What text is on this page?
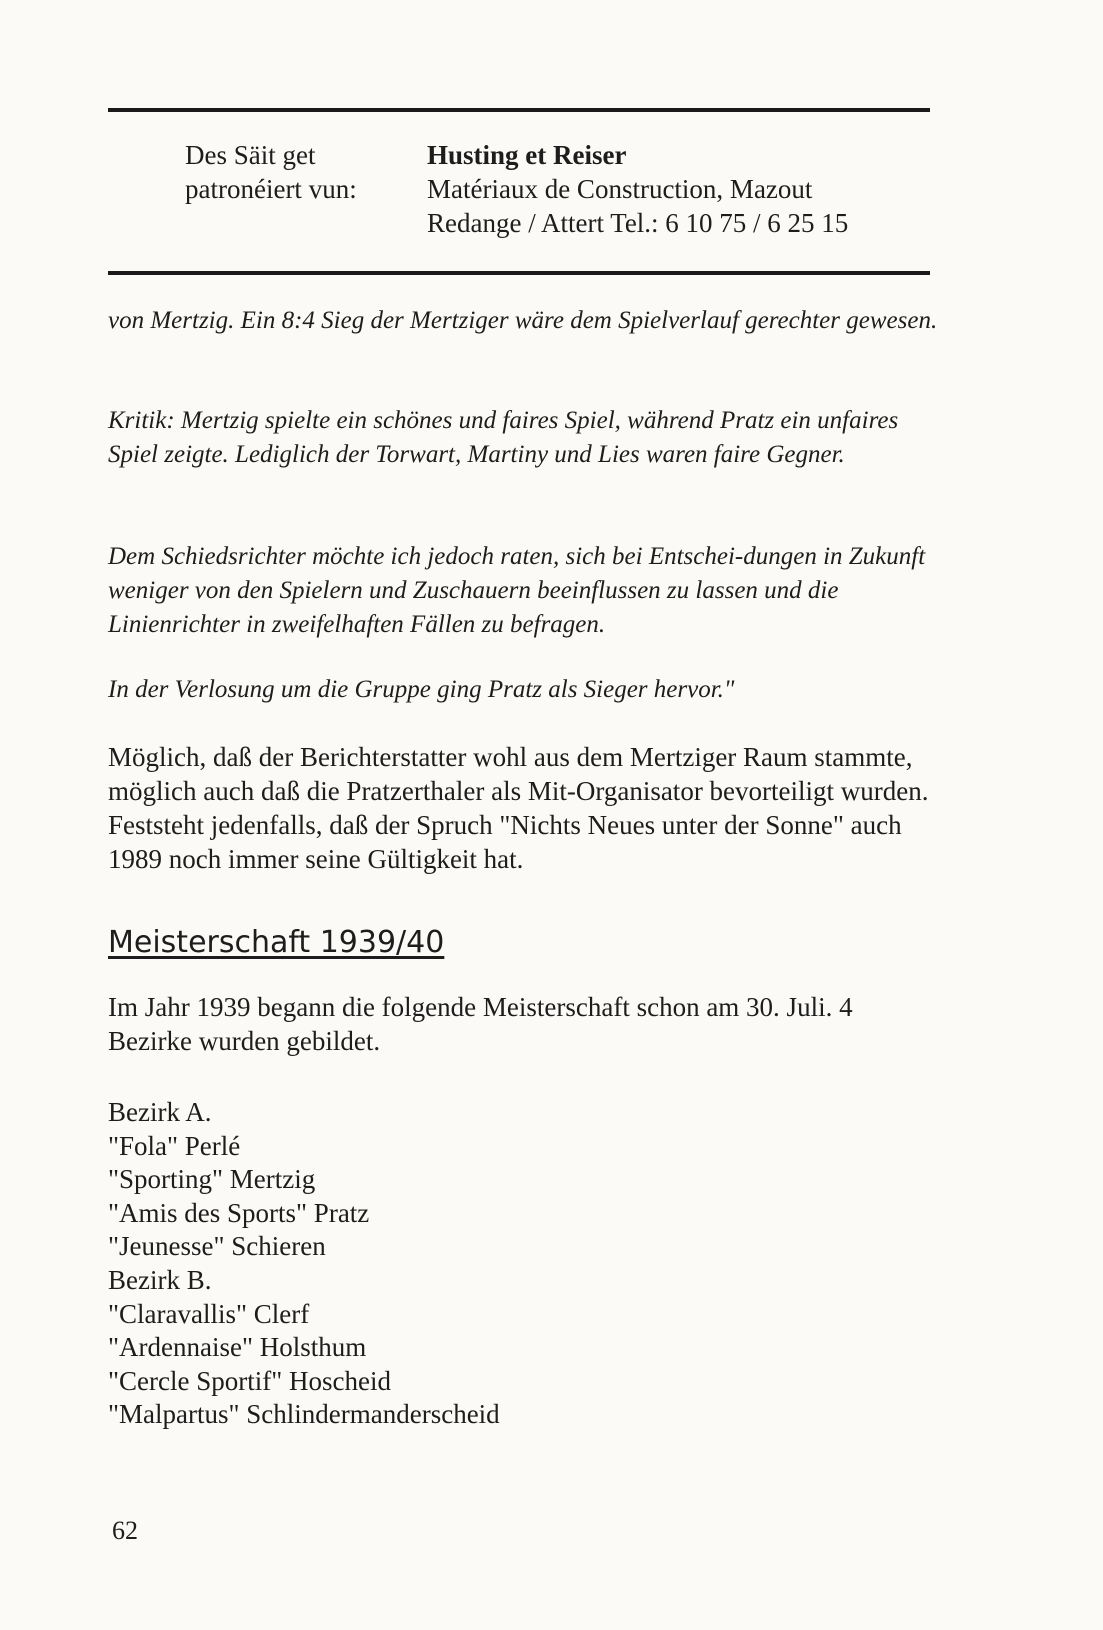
Des Säit get
patronéiert vun:
Husting et Reiser
Matériaux de Construction, Mazout
Redange / Attert Tel.: 6 10 75 / 6 25 15

von Mertzig. Ein 8:4 Sieg der Mertziger wäre dem Spielverlauf gerechter gewesen.

Kritik: Mertzig spielte ein schönes und faires Spiel, während Pratz ein unfaires Spiel zeigte. Lediglich der Torwart, Martiny und Lies waren faire Gegner.

Dem Schiedsrichter möchte ich jedoch raten, sich bei Entschei-dungen in Zukunft weniger von den Spielern und Zuschauern beeinflussen zu lassen und die Linienrichter in zweifelhaften Fällen zu befragen.

In der Verlosung um die Gruppe ging Pratz als Sieger hervor."

Möglich, daß der Berichterstatter wohl aus dem Mertziger Raum stammte, möglich auch daß die Pratzerthaler als Mit-Organisator bevorteiligt wurden. Feststeht jedenfalls, daß der Spruch "Nichts Neues unter der Sonne" auch 1989 noch immer seine Gültigkeit hat.

Meisterschaft 1939/40

Im Jahr 1939 begann die folgende Meisterschaft schon am 30. Juli. 4 Bezirke wurden gebildet.

Bezirk A.
"Fola" Perlé
"Sporting" Mertzig
"Amis des Sports" Pratz
"Jeunesse" Schieren
Bezirk B.
"Claravallis" Clerf
"Ardennaise" Holsthum
"Cercle Sportif" Hoscheid
"Malpartus" Schlindermanderscheid
62
